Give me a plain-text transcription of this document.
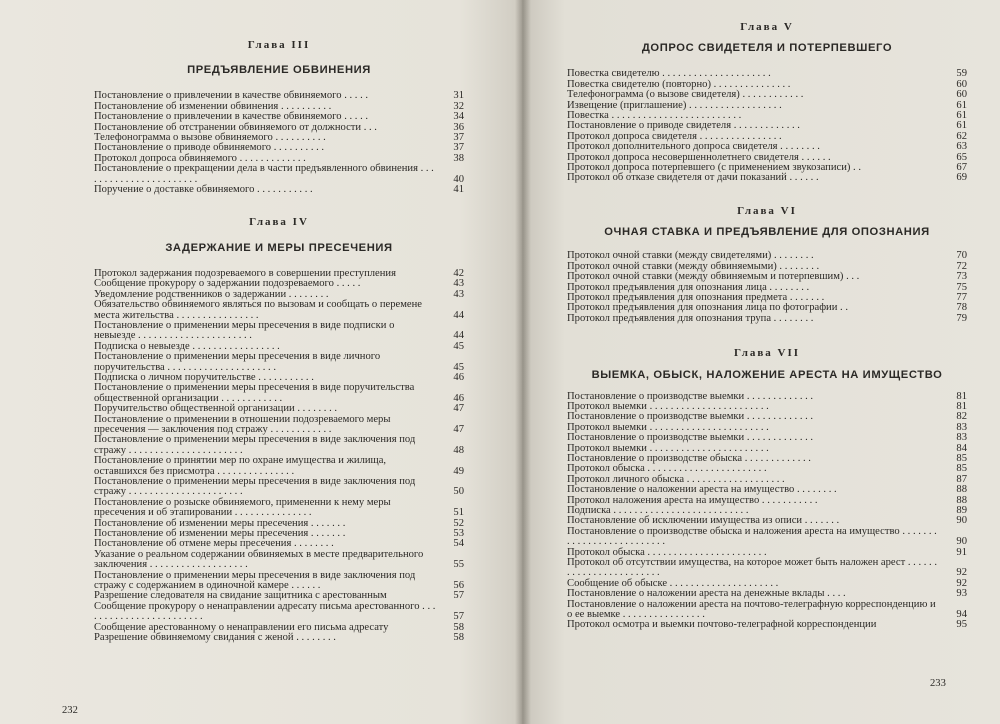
Глава III

ПРЕДЪЯВЛЕНИЕ ОБВИНЕНИЯ

Постановление о привлечении в качестве обвиняемого . . . . .	31
Постановление об изменении обвинения . . . . . . . . . .	32
Постановление о привлечении в качестве обвиняемого . . . . .	34
Постановление об отстранении обвиняемого от должности . . .	36
Телефонограмма о вызове обвиняемого . . . . . . . . . .	37
Постановление о приводе обвиняемого . . . . . . . . . .	37
Протокол допроса обвиняемого . . . . . . . . . . . . .	38
Постановление о прекращении дела в части предъявленного обвинения . . . . . . . . . . . . . . . . . . . . . . .	40
Поручение о доставке обвиняемого . . . . . . . . . . .	41

Глава IV

ЗАДЕРЖАНИЕ И МЕРЫ ПРЕСЕЧЕНИЯ

Протокол задержания подозреваемого в совершении преступления	42
Сообщение прокурору о задержании подозреваемого . . . . .	43
Уведомление родственников о задержании . . . . . . . .	43
Обязательство обвиняемого являться по вызовам и сообщать о перемене места жительства . . . . . . . . . . . . . . . .	44
Постановление о применении меры пресечения в виде подписки о невыезде . . . . . . . . . . . . . . . . . . . . . .	44
Подписка о невыезде . . . . . . . . . . . . . . . . .	45
Постановление о применении меры пресечения в виде личного поручительства . . . . . . . . . . . . . . . . . . . . .	45
Подписка о личном поручительстве . . . . . . . . . . .	46
Постановление о применении меры пресечения в виде поручительства общественной организации . . . . . . . . . . . .	46
Поручительство общественной организации . . . . . . . .	47
Постановление о применении в отношении подозреваемого меры пресечения — заключения под стражу . . . . . . . . . . . .	47
Постановление о применении меры пресечения в виде заключения под стражу . . . . . . . . . . . . . . . . . . . . . .	48
Постановление о принятии мер по охране имущества и жилища, оставшихся без присмотра . . . . . . . . . . . . . . .	49
Постановление о применении меры пресечения в виде заключения под стражу . . . . . . . . . . . . . . . . . . . . . .	50
Постановление о розыске обвиняемого, примененни к нему меры пресечения и об этапировании . . . . . . . . . . . . . . .	51
Постановление об изменении меры пресечения . . . . . . .	52
Постановление об изменении меры пресечения . . . . . . .	53
Постановление об отмене меры пресечения . . . . . . . .	54
Указание о реальном содержании обвиняемых в месте предварительного заключения . . . . . . . . . . . . . . . . . . .	55
Постановление о применении меры пресечения в виде заключения под стражу с содержанием в одиночной камере . . . . . .	56
Разрешение следователя на свидание защитника с арестованным	57
Сообщение прокурору о ненаправлении адресату письма арестованного . . . . . . . . . . . . . . . . . . . . . . . .	57
Сообщение арестованному о ненаправлении его письма адресату	58
Разрешение обвиняемому свидания с женой . . . . . . . .	58
232

Глава V

ДОПРОС СВИДЕТЕЛЯ И ПОТЕРПЕВШЕГО

Повестка свидетелю . . . . . . . . . . . . . . . . . . . . .	59
Повестка свидетелю (повторно) . . . . . . . . . . . . . . .	60
Телефонограмма (о вызове свидетеля) . . . . . . . . . . . .	60
Извещение (приглашение) . . . . . . . . . . . . . . . . . .	61
Повестка . . . . . . . . . . . . . . . . . . . . . . . . .	61
Постановление о приводе свидетеля . . . . . . . . . . . . .	61
Протокол допроса свидетеля . . . . . . . . . . . . . . . .	62
Протокол дополнительного допроса свидетеля . . . . . . . .	63
Протокол допроса несовершеннолетнего свидетеля . . . . . .	65
Протокол допроса потерпевшего (с применением звукозаписи) . .	67
Протокол об отказе свидетеля от дачи показаний . . . . . .	69

Глава VI

ОЧНАЯ СТАВКА И ПРЕДЪЯВЛЕНИЕ ДЛЯ ОПОЗНАНИЯ

Протокол очной ставки (между свидетелями) . . . . . . . .	70
Протокол очной ставки (между обвиняемыми) . . . . . . . .	72
Протокол очной ставки (между обвиняемым и потерпевшим) . . .	73
Протокол предъявления для опознания лица . . . . . . . .	75
Протокол предъявления для опознания предмета . . . . . . .	77
Протокол предъявления для опознания лица по фотографии . .	78
Протокол предъявления для опознания трупа . . . . . . . .	79

Глава VII

ВЫЕМКА, ОБЫСК, НАЛОЖЕНИЕ АРЕСТА НА ИМУЩЕСТВО

Постановление о производстве выемки . . . . . . . . . . . . .	81
Протокол выемки . . . . . . . . . . . . . . . . . . . . . . .	81
Постановление о производстве выемки . . . . . . . . . . . . .	82
Протокол выемки . . . . . . . . . . . . . . . . . . . . . . .	83
Постановление о производстве выемки . . . . . . . . . . . . .	83
Протокол выемки . . . . . . . . . . . . . . . . . . . . . . .	84
Постановление о производстве обыска . . . . . . . . . . . . .	85
Протокол обыска . . . . . . . . . . . . . . . . . . . . . . .	85
Протокол личного обыска . . . . . . . . . . . . . . . . . . .	87
Постановление о наложении ареста на имущество . . . . . . . .	88
Протокол наложения ареста на имущество . . . . . . . . . . .	88
Подписка . . . . . . . . . . . . . . . . . . . . . . . . . .	89
Постановление об исключении имущества из описи . . . . . . .	90
Постановление о производстве обыска и наложения ареста на имущество . . . . . . . . . . . . . . . . . . . . . . . . . .	90
Протокол обыска . . . . . . . . . . . . . . . . . . . . . . .	91
Протокол об отсутствии имущества, на которое может быть наложен арест . . . . . . . . . . . . . . . . . . . . . . . .	92
Сообщение об обыске . . . . . . . . . . . . . . . . . . . . .	92
Постановление о наложении ареста на денежные вклады . . . .	93
Постановление о наложении ареста на почтово-телеграфную корреспонденцию и о ее выемке . . . . . . . . . . . . . . . .	94
Протокол осмотра и выемки почтово-телеграфной корреспонденции	95
233
